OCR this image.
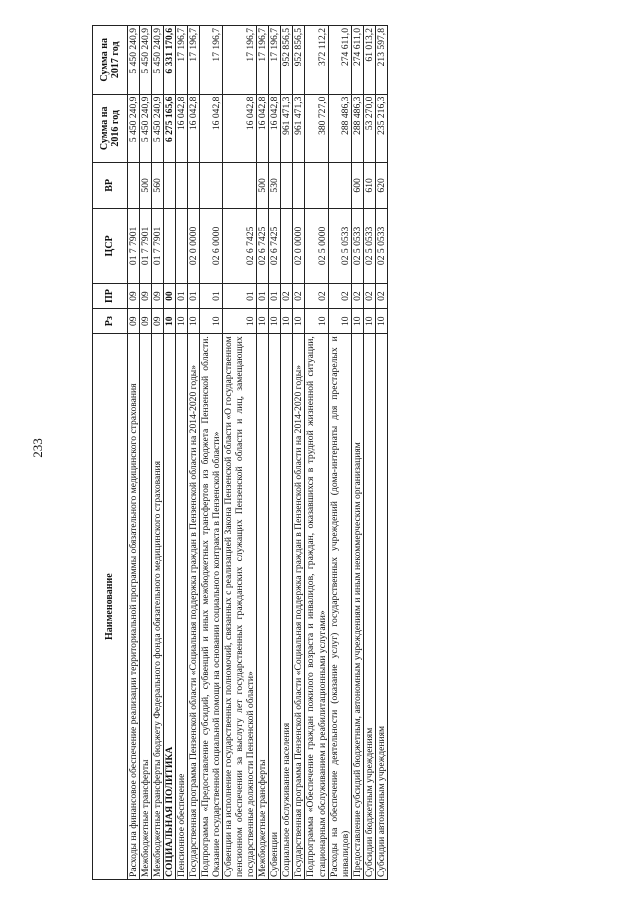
233
Наименование	Рз	ПР	ЦСР	ВР	Сумма на 2016 год	Сумма на 2017 год
Расходы на финансовое обеспечение реализации территориальной программы обязательного медицинского страхования	09	09	01 7 7901		5 450 240,9	5 450 240,9
Межбюджетные трансферты	09	09	01 7 7901	500	5 450 240,9	5 450 240,9
Межбюджетные трансферты бюджету Федерального фонда обязательного медицинского страхования	09	09	01 7 7901	560	5 450 240,9	5 450 240,9
СОЦИАЛЬНАЯ ПОЛИТИКА	10	00			6 275 165,6	6 331 170,6
Пенсионное обеспечение	10	01			16 042,8	17 196,7
Государственная программа Пензенской области «Социальная поддержка граждан в Пензенской области на 2014-2020 годы»	10	01	02 0 0000		16 042,8	17 196,7
Подпрограмма «Предоставление субсидий, субвенций и иных межбюджетных трансфертов из бюджета Пензенской области. Оказание государственной социальной помощи на основании социального контракта в Пензенской области»	10	01	02 6 0000		16 042,8	17 196,7
Субвенции на исполнение государственных полномочий, связанных с реализацией Закона Пензенской области «О государственном пенсионном обеспечении за выслугу лет государственных гражданских служащих Пензенской области и лиц, замещающих государственные должности Пензенской области»	10	01	02 6 7425		16 042,8	17 196,7
Межбюджетные трансферты	10	01	02 6 7425	500	16 042,8	17 196,7
Субвенции	10	01	02 6 7425	530	16 042,8	17 196,7
Социальное обслуживание населения	10	02			961 471,3	952 856,5
Государственная программа Пензенской области «Социальная поддержка граждан в Пензенской области на 2014-2020 годы»	10	02	02 0 0000		961 471,3	952 856,5
Подпрограмма «Обеспечение граждан пожилого возраста и инвалидов, граждан, оказавшихся в трудной жизненной ситуации, стационарным обслуживанием и реабилитационными услугами»	10	02	02 5 0000		380 727,0	372 112,2
Расходы на обеспечение деятельности (оказание услуг) государственных учреждений (дома-интернаты для престарелых и инвалидов)	10	02	02 5 0533		288 486,3	274 611,0
Предоставление субсидий бюджетным, автономным учреждениям и иным некоммерческим организациям	10	02	02 5 0533	600	288 486,3	274 611,0
Субсидии бюджетным учреждениям	10	02	02 5 0533	610	53 270,0	61 013,2
Субсидии автономным учреждениям	10	02	02 5 0533	620	235 216,3	213 597,8
